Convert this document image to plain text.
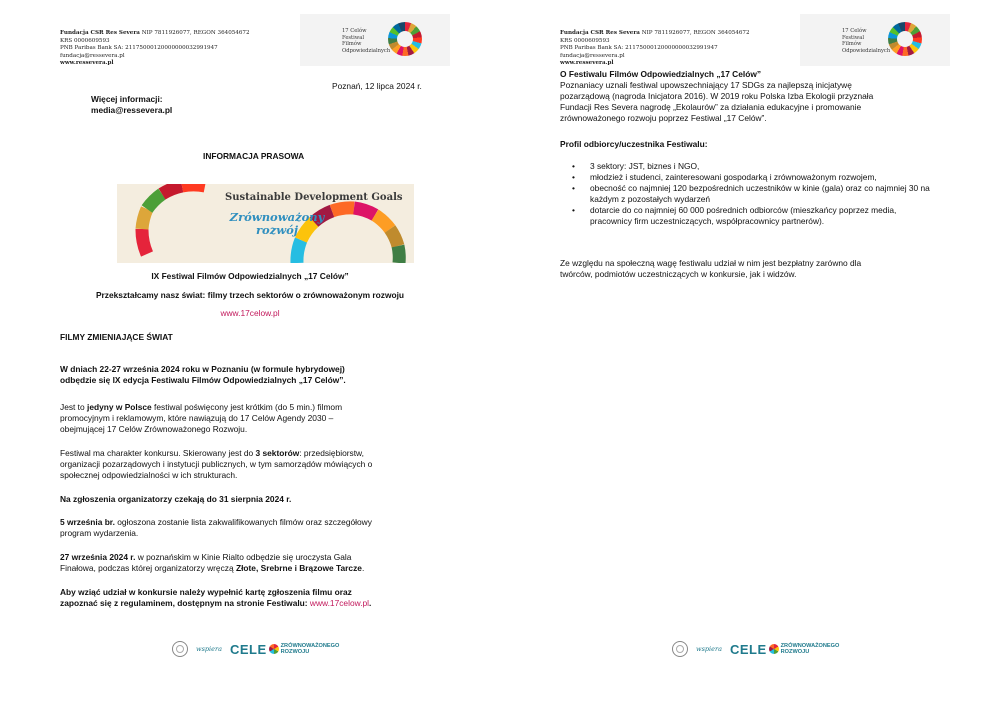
Fundacja CSR Res Severa NIP 7811926077, REGON 364054672
KRS 0000609593
PNB Paribas Bank SA: 21175000120000000032991947
fundacja@ressevera.pl
www.ressevera.pl
17 Celów
Festiwal
Filmów
Odpowiedzialnych
Poznań, 12 lipca 2024 r.
Więcej informacji:
media@ressevera.pl
INFORMACJA PRASOWA
Sustainable Development Goals
Zrównoważony
rozwój
IX Festiwal Filmów Odpowiedzialnych „17 Celów”
Przekształcamy nasz świat: filmy trzech sektorów o zrównoważonym rozwoju
www.17celow.pl
FILMY ZMIENIAJĄCE ŚWIAT
W dniach 22-27 września 2024 roku w Poznaniu (w formule hybrydowej)
odbędzie się IX edycja Festiwalu Filmów Odpowiedzialnych „17 Celów”.
Jest to jedyny w Polsce festiwal poświęcony jest krótkim (do 5 min.) filmom
promocyjnym i reklamowym, które nawiązują do 17 Celów Agendy 2030 –
obejmującej 17 Celów Zrównoważonego Rozwoju.
Festiwal ma charakter konkursu. Skierowany jest do 3 sektorów: przedsiębiorstw,
organizacji pozarządowych i instytucji publicznych, w tym samorządów mówiących o
społecznej odpowiedzialności w ich strukturach.
Na zgłoszenia organizatorzy czekają do 31 sierpnia 2024 r.
5 września br. ogłoszona zostanie lista zakwalifikowanych filmów oraz szczegółowy
program wydarzenia.
27 września 2024 r. w poznańskim w Kinie Rialto odbędzie się uroczysta Gala
Finałowa, podczas której organizatorzy wręczą Złote, Srebrne i Brązowe Tarcze.
Aby wziąć udział w konkursie należy wypełnić kartę zgłoszenia filmu oraz
zapoznać się z regulaminem, dostępnym na stronie Festiwalu: www.17celow.pl.
wspiera CELE	ZRÓWNOWAŻONEGO
ROZWOJU
Fundacja CSR Res Severa NIP 7811926077, REGON 364054672
KRS 0000609593
PNB Paribas Bank SA: 21175000120000000032991947
fundacja@ressevera.pl
www.ressevera.pl
17 Celów
Festiwal
Filmów
Odpowiedzialnych
O Festiwalu Filmów Odpowiedzialnych „17 Celów”
Poznaniacy uznali festiwal upowszechniający 17 SDGs za najlepszą inicjatywę
pozarządową (nagroda Inicjatora 2016). W 2019 roku Polska Izba Ekologii przyznała
Fundacji Res Severa nagrodę „Ekolaurów” za działania edukacyjne i promowanie
zrównoważonego rozwoju poprzez Festiwal „17 Celów”.
Profil odbiorcy/uczestnika Festiwalu:
• 3 sektory: JST, biznes i NGO,
• młodzież i studenci, zainteresowani gospodarką i zrównoważonym rozwojem,
• obecność co najmniej 120 bezpośrednich uczestników w kinie (gala) oraz co najmniej 30 na każdym z pozostałych wydarzeń
• dotarcie do co najmniej 60 000 pośrednich odbiorców (mieszkańcy poprzez media, pracownicy firm uczestniczących, współpracownicy partnerów).
Ze względu na społeczną wagę festiwalu udział w nim jest bezpłatny zarówno dla
twórców, podmiotów uczestniczących w konkursie, jak i widzów.
wspiera CELE	ZRÓWNOWAŻONEGO
ROZWOJU
